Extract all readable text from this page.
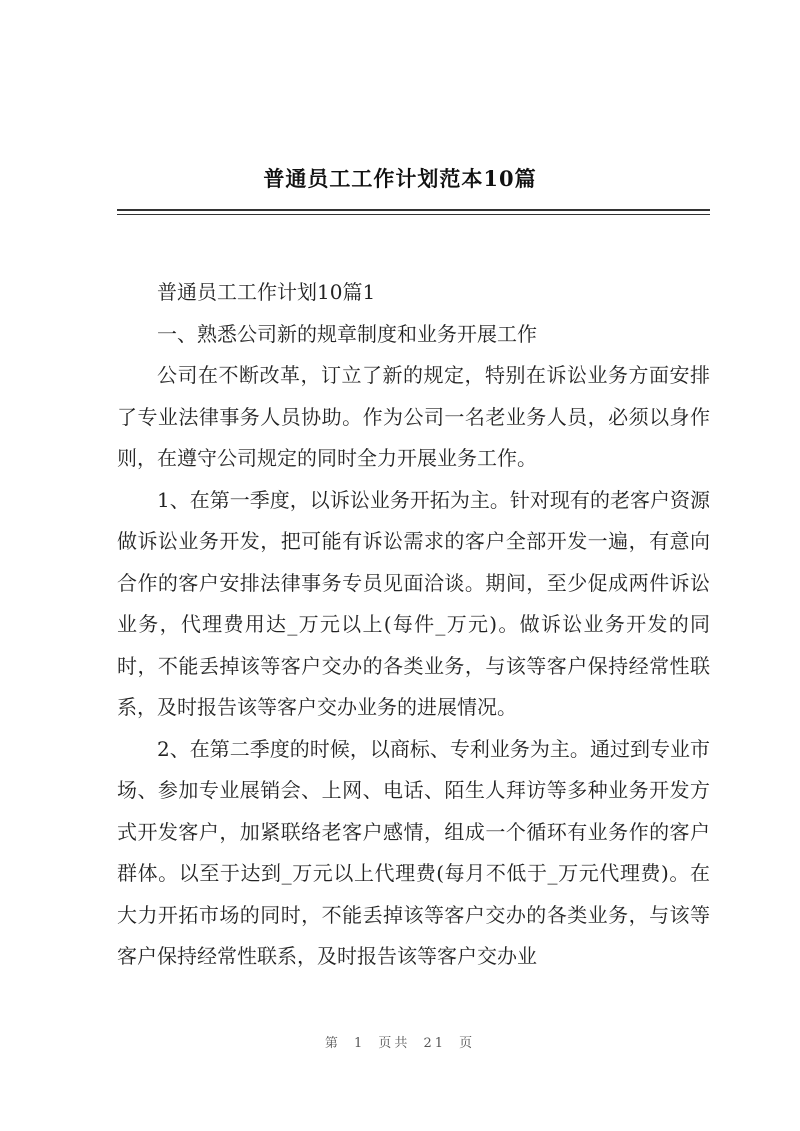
普通员工工作计划范本10篇

普通员工工作计划10篇1

一、熟悉公司新的规章制度和业务开展工作

公司在不断改革，订立了新的规定，特别在诉讼业务方面安排了专业法律事务人员协助。作为公司一名老业务人员，必须以身作则，在遵守公司规定的同时全力开展业务工作。

1、在第一季度，以诉讼业务开拓为主。针对现有的老客户资源做诉讼业务开发，把可能有诉讼需求的客户全部开发一遍，有意向合作的客户安排法律事务专员见面洽谈。期间，至少促成两件诉讼业务，代理费用达_万元以上(每件_万元)。做诉讼业务开发的同时，不能丢掉该等客户交办的各类业务，与该等客户保持经常性联系，及时报告该等客户交办业务的进展情况。

2、在第二季度的时候，以商标、专利业务为主。通过到专业市场、参加专业展销会、上网、电话、陌生人拜访等多种业务开发方式开发客户，加紧联络老客户感情，组成一个循环有业务作的客户群体。以至于达到_万元以上代理费(每月不低于_万元代理费)。在大力开拓市场的同时，不能丢掉该等客户交办的各类业务，与该等客户保持经常性联系，及时报告该等客户交办业

第 1 页共 21 页
